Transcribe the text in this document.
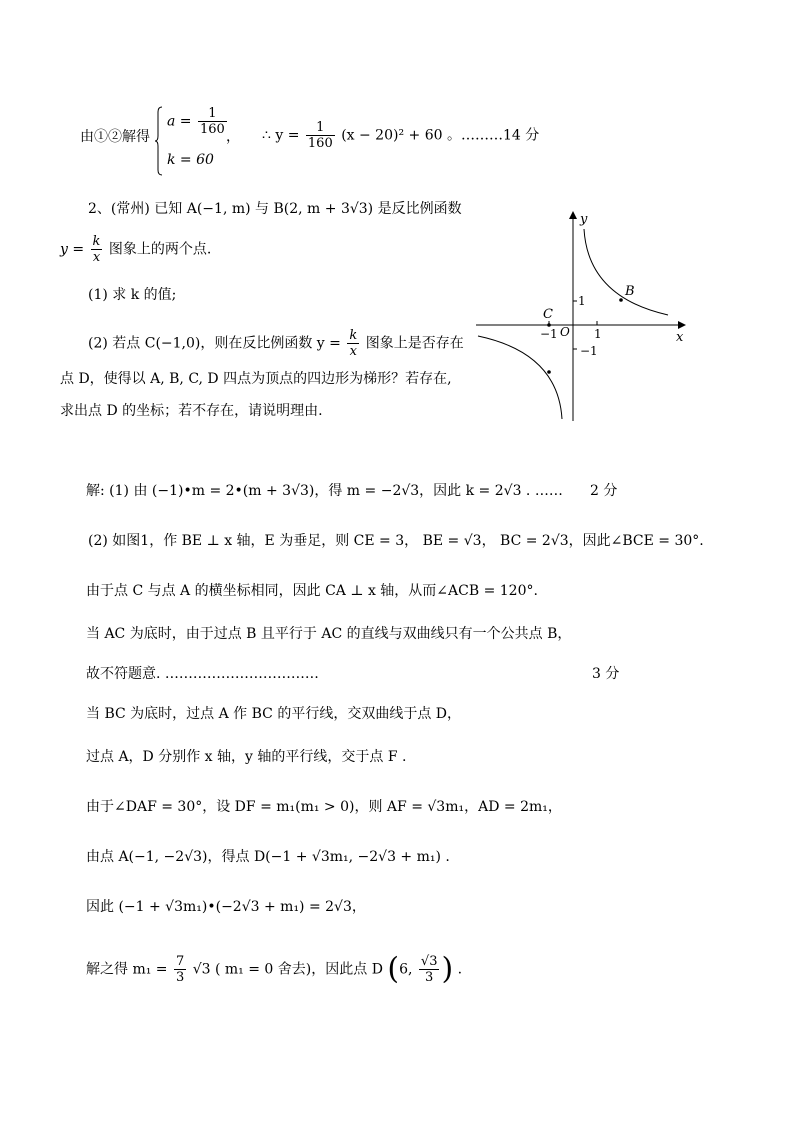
由①②解得
$a = \frac{1}{160}$
k = 60
， ∴ $y = \frac{1}{160} (x - 20)^2 + 60$ 。………14 分
2、(常州) 已知 A(−1, m) 与 B(2, m + 3√3) 是反比例函数
$y = \frac{k}{x}$ 图象上的两个点.
(1) 求 k 的值;
(2) 若点 C(−1,0)，则在反比例函数 $y = \frac{k}{x}$ 图象上是否存在
点 D，使得以 A, B, C, D 四点为顶点的四边形为梯形？若存在,
求出点 D 的坐标；若不存在，请说明理由.
y
x
B
C
O
1
−1
−1	1
解: (1) 由 (−1)•m = 2•(m + 3√3)，得 m = −2√3，因此 k = 2√3 . …… 2 分
(2) 如图1，作 BE ⊥ x 轴，E 为垂足，则 CE = 3， BE = √3， BC = 2√3，因此∠BCE = 30°.
由于点 C 与点 A 的横坐标相同，因此 CA ⊥ x 轴，从而∠ACB = 120°.
当 AC 为底时，由于过点 B 且平行于 AC 的直线与双曲线只有一个公共点 B，
故不符题意. ……………………………	3 分
当 BC 为底时，过点 A 作 BC 的平行线，交双曲线于点 D，
过点 A，D 分别作 x 轴，y 轴的平行线，交于点 F .
由于∠DAF = 30°，设 DF = m₁(m₁ > 0)，则 AF = √3m₁，AD = 2m₁，
由点 A(−1, −2√3)，得点 D(−1 + √3m₁, −2√3 + m₁) .
因此 (−1 + √3m₁)•(−2√3 + m₁) = 2√3，
解之得 $m_1 = \frac{7}{3} √3$ ( m₁ = 0 舍去)，因此点 D (6, $\frac{√3}{3}$ ) .
